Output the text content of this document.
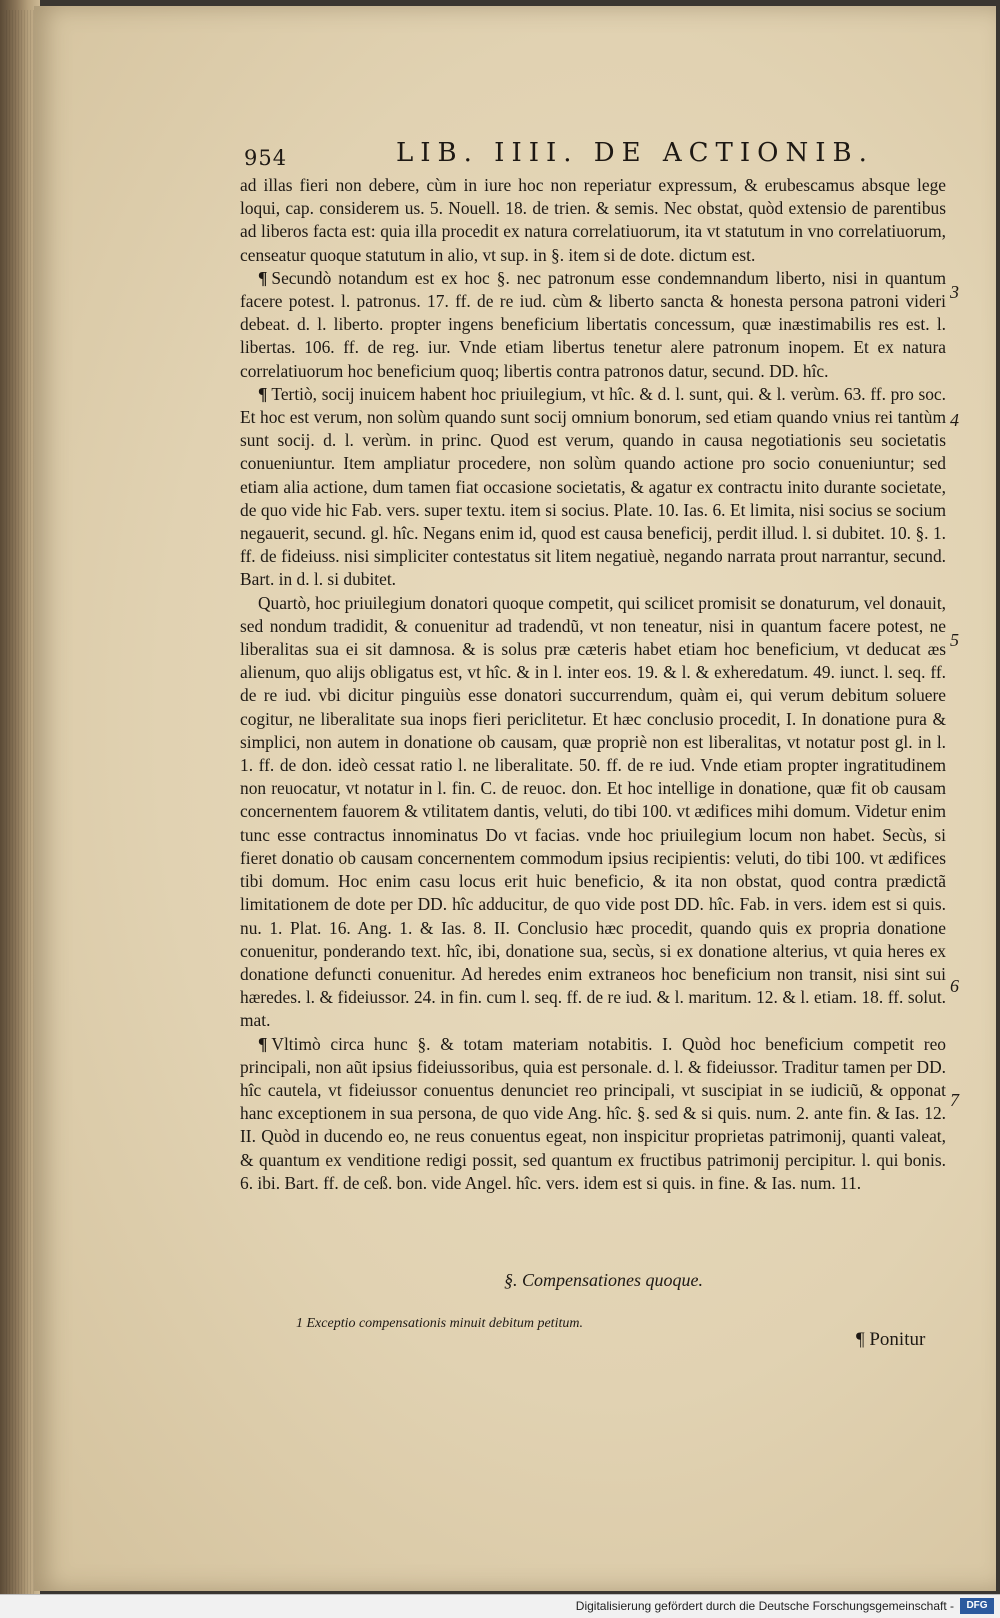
954	LIB. IIII. DE ACTIONIB.

ad illas fieri non debere, cùm in iure hoc non reperiatur expressum, & erubescamus absque lege loqui, cap. considerem us. 5. Nouell. 18. de trien. & semis. Nec obstat, quòd extensio de parentibus ad liberos facta est: quia illa procedit ex natura correlatiuorum, ita vt statutum in vno correlatiuorum, censeatur quoque statutum in alio, vt sup. in §. item si de dote. dictum est.

¶ Secundò notandum est ex hoc §. nec patronum esse condemnandum liberto, nisi in quantum facere potest. l. patronus. 17. ff. de re iud. cùm & liberto sancta & honesta persona patroni videri debeat. d. l. liberto. propter ingens beneficium libertatis concessum, quæ inæstimabilis res est. l. libertas. 106. ff. de reg. iur. Vnde etiam libertus tenetur alere patronum inopem. Et ex natura correlatiuorum hoc beneficium quoq; libertis contra patronos datur, secund. DD. hîc.

¶ Tertiò, socij inuicem habent hoc priuilegium, vt hîc. & d. l. sunt, qui. & l. verùm. 63. ff. pro soc. Et hoc est verum, non solùm quando sunt socij omnium bonorum, sed etiam quando vnius rei tantùm sunt socij. d. l. verùm. in princ. Quod est verum, quando in causa negotiationis seu societatis conueniuntur. Item ampliatur procedere, non solùm quando actione pro socio conueniuntur; sed etiam alia actione, dum tamen fiat occasione societatis, & agatur ex contractu inito durante societate, de quo vide hic Fab. vers. super textu. item si socius. Plate. 10. Ias. 6. Et limita, nisi socius se socium negauerit, secund. gl. hîc. Negans enim id, quod est causa beneficij, perdit illud. l. si dubitet. 10. §. 1. ff. de fideiuss. nisi simpliciter contestatus sit litem negatiuè, negando narrata prout narrantur, secund. Bart. in d. l. si dubitet.

Quartò, hoc priuilegium donatori quoque competit, qui scilicet promisit se donaturum, vel donauit, sed nondum tradidit, & conuenitur ad tradendũ, vt non teneatur, nisi in quantum facere potest, ne liberalitas sua ei sit damnosa. & is solus præ cæteris habet etiam hoc beneficium, vt deducat æs alienum, quo alijs obligatus est, vt hîc. & in l. inter eos. 19. & l. & exheredatum. 49. iunct. l. seq. ff. de re iud. vbi dicitur pinguiùs esse donatori succurrendum, quàm ei, qui verum debitum soluere cogitur, ne liberalitate sua inops fieri periclitetur. Et hæc conclusio procedit, I. In donatione pura & simplici, non autem in donatione ob causam, quæ propriè non est liberalitas, vt notatur post gl. in l. 1. ff. de don. ideò cessat ratio l. ne liberalitate. 50. ff. de re iud. Vnde etiam propter ingratitudinem non reuocatur, vt notatur in l. fin. C. de reuoc. don. Et hoc intellige in donatione, quæ fit ob causam concernentem fauorem & vtilitatem dantis, veluti, do tibi 100. vt ædifices mihi domum. Videtur enim tunc esse contractus innominatus Do vt facias. vnde hoc priuilegium locum non habet. Secùs, si fieret donatio ob causam concernentem commodum ipsius recipientis: veluti, do tibi 100. vt ædifices tibi domum. Hoc enim casu locus erit huic beneficio, & ita non obstat, quod contra prædictã limitationem de dote per DD. hîc adducitur, de quo vide post DD. hîc. Fab. in vers. idem est si quis. nu. 1. Plat. 16. Ang. 1. & Ias. 8. II. Conclusio hæc procedit, quando quis ex propria donatione conuenitur, ponderando text. hîc, ibi, donatione sua, secùs, si ex donatione alterius, vt quia heres ex donatione defuncti conuenitur. Ad heredes enim extraneos hoc beneficium non transit, nisi sint sui hæredes. l. & fideiussor. 24. in fin. cum l. seq. ff. de re iud. & l. maritum. 12. & l. etiam. 18. ff. solut. mat.

¶ Vltimò circa hunc §. & totam materiam notabitis. I. Quòd hoc beneficium competit reo principali, non aũt ipsius fideiussoribus, quia est personale. d. l. & fideiussor. Traditur tamen per DD. hîc cautela, vt fideiussor conuentus denunciet reo principali, vt suscipiat in se iudiciũ, & opponat hanc exceptionem in sua persona, de quo vide Ang. hîc. §. sed & si quis. num. 2. ante fin. & Ias. 12. II. Quòd in ducendo eo, ne reus conuentus egeat, non inspicitur proprietas patrimonij, quanti valeat, & quantum ex venditione redigi possit, sed quantum ex fructibus patrimonij percipitur. l. qui bonis. 6. ibi. Bart. ff. de ceß. bon. vide Angel. hîc. vers. idem est si quis. in fine. & Ias. num. 11.

3
4
5
6
7
§. Compensationes quoque.
1 Exceptio compensationis minuit debitum petitum.
¶ Ponitur
Digitalisierung gefördert durch die Deutsche Forschungsgemeinschaft -	DFG
